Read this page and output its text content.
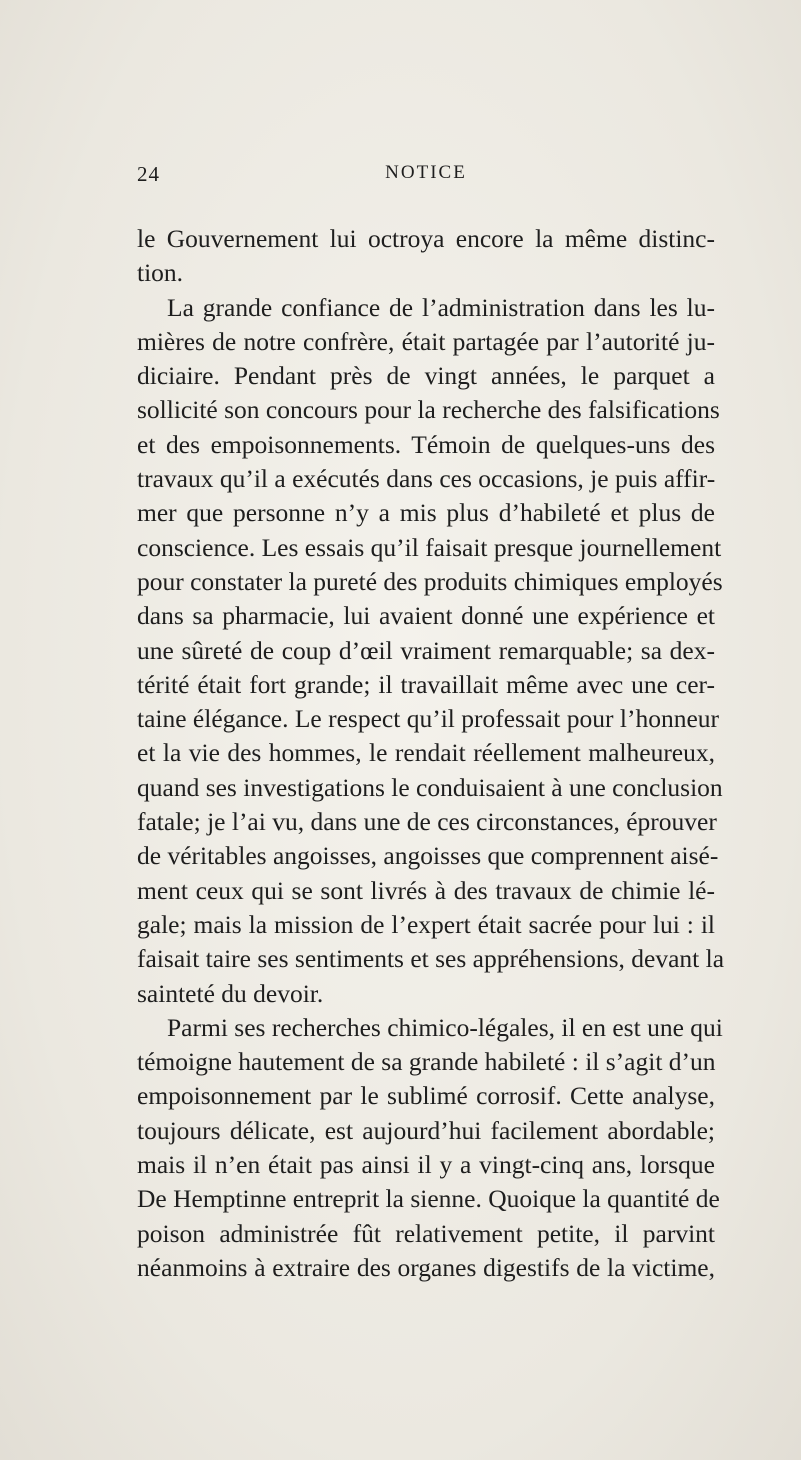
24	NOTICE
le Gouvernement lui octroya encore la même distinc-
tion.
La grande confiance de l’administration dans les lu-
mières de notre confrère, était partagée par l’autorité ju-
diciaire. Pendant près de vingt années, le parquet a
sollicité son concours pour la recherche des falsifications
et des empoisonnements. Témoin de quelques-uns des
travaux qu’il a exécutés dans ces occasions, je puis affir-
mer que personne n’y a mis plus d’habileté et plus de
conscience. Les essais qu’il faisait presque journellement
pour constater la pureté des produits chimiques employés
dans sa pharmacie, lui avaient donné une expérience et
une sûreté de coup d’œil vraiment remarquable; sa dex-
térité était fort grande; il travaillait même avec une cer-
taine élégance. Le respect qu’il professait pour l’honneur
et la vie des hommes, le rendait réellement malheureux,
quand ses investigations le conduisaient à une conclusion
fatale; je l’ai vu, dans une de ces circonstances, éprouver
de véritables angoisses, angoisses que comprennent aisé-
ment ceux qui se sont livrés à des travaux de chimie lé-
gale; mais la mission de l’expert était sacrée pour lui : il
faisait taire ses sentiments et ses appréhensions, devant la
sainteté du devoir.
Parmi ses recherches chimico-légales, il en est une qui
témoigne hautement de sa grande habileté : il s’agit d’un
empoisonnement par le sublimé corrosif. Cette analyse,
toujours délicate, est aujourd’hui facilement abordable;
mais il n’en était pas ainsi il y a vingt-cinq ans, lorsque
De Hemptinne entreprit la sienne. Quoique la quantité de
poison administrée fût relativement petite, il parvint
néanmoins à extraire des organes digestifs de la victime,
